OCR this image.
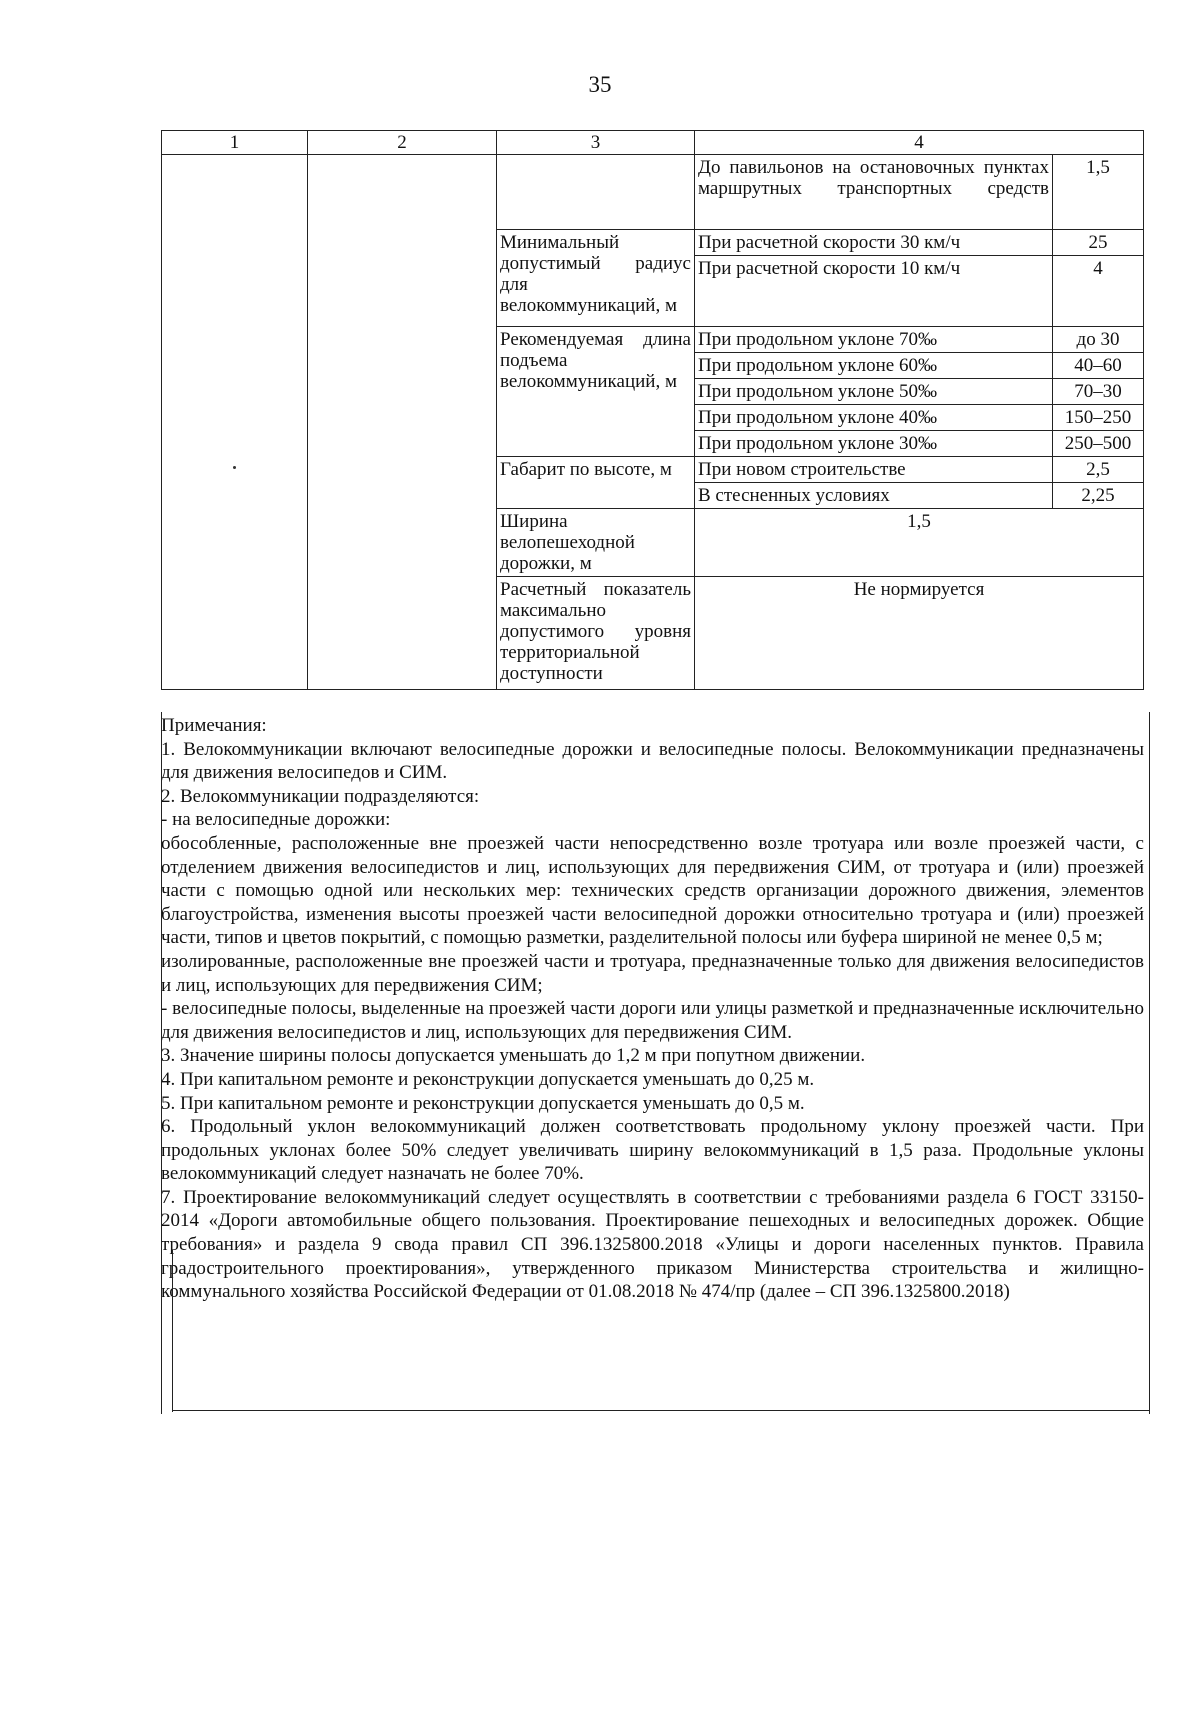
35
1	2	3	4	
			До павильонов на остановочных пунктах маршрутных транспортных средств	1,5
		Минимальный допустимый радиус для велокоммуникаций, м	При расчетной скорости 30 км/ч	25
			При расчетной скорости 10 км/ч	4
		Рекомендуемая длина подъема велокоммуникаций, м	При продольном уклоне 70‰	до 30
			При продольном уклоне 60‰	40–60
			При продольном уклоне 50‰	70–30
			При продольном уклоне 40‰	150–250
			При продольном уклоне 30‰	250–500
		Габарит по высоте, м	При новом строительстве	2,5
			В стесненных условиях	2,25
		Ширина велопешеходной дорожки, м	1,5	
		Расчетный показатель максимально допустимого уровня территориальной доступности	Не нормируется	

Примечания:

1. Велокоммуникации включают велосипедные дорожки и велосипедные полосы. Велокоммуникации предназначены для движения велосипедов и СИМ.

2. Велокоммуникации подразделяются:

- на велосипедные дорожки:

обособленные, расположенные вне проезжей части непосредственно возле тротуара или возле проезжей части, с отделением движения велосипедистов и лиц, использующих для передвижения СИМ, от тротуара и (или) проезжей части с помощью одной или нескольких мер: технических средств организации дорожного движения, элементов благоустройства, изменения высоты проезжей части велосипедной дорожки относительно тротуара и (или) проезжей части, типов и цветов покрытий, с помощью разметки, разделительной полосы или буфера шириной не менее 0,5 м;

изолированные, расположенные вне проезжей части и тротуара, предназначенные только для движения велосипедистов и лиц, использующих для передвижения СИМ;

- велосипедные полосы, выделенные на проезжей части дороги или улицы разметкой и предназначенные исключительно для движения велосипедистов и лиц, использующих для передвижения СИМ.

3. Значение ширины полосы допускается уменьшать до 1,2 м при попутном движении.

4. При капитальном ремонте и реконструкции допускается уменьшать до 0,25 м.

5. При капитальном ремонте и реконструкции допускается уменьшать до 0,5 м.

6. Продольный уклон велокоммуникаций должен соответствовать продольному уклону проезжей части. При продольных уклонах более 50% следует увеличивать ширину велокоммуникаций в 1,5 раза. Продольные уклоны велокоммуникаций следует назначать не более 70%.

7. Проектирование велокоммуникаций следует осуществлять в соответствии с требованиями раздела 6 ГОСТ 33150-2014 «Дороги автомобильные общего пользования. Проектирование пешеходных и велосипедных дорожек. Общие требования» и раздела 9 свода правил СП 396.1325800.2018 «Улицы и дороги населенных пунктов. Правила градостроительного проектирования», утвержденного приказом Министерства строительства и жилищно-коммунального хозяйства Российской Федерации от 01.08.2018 № 474/пр (далее – СП 396.1325800.2018)
